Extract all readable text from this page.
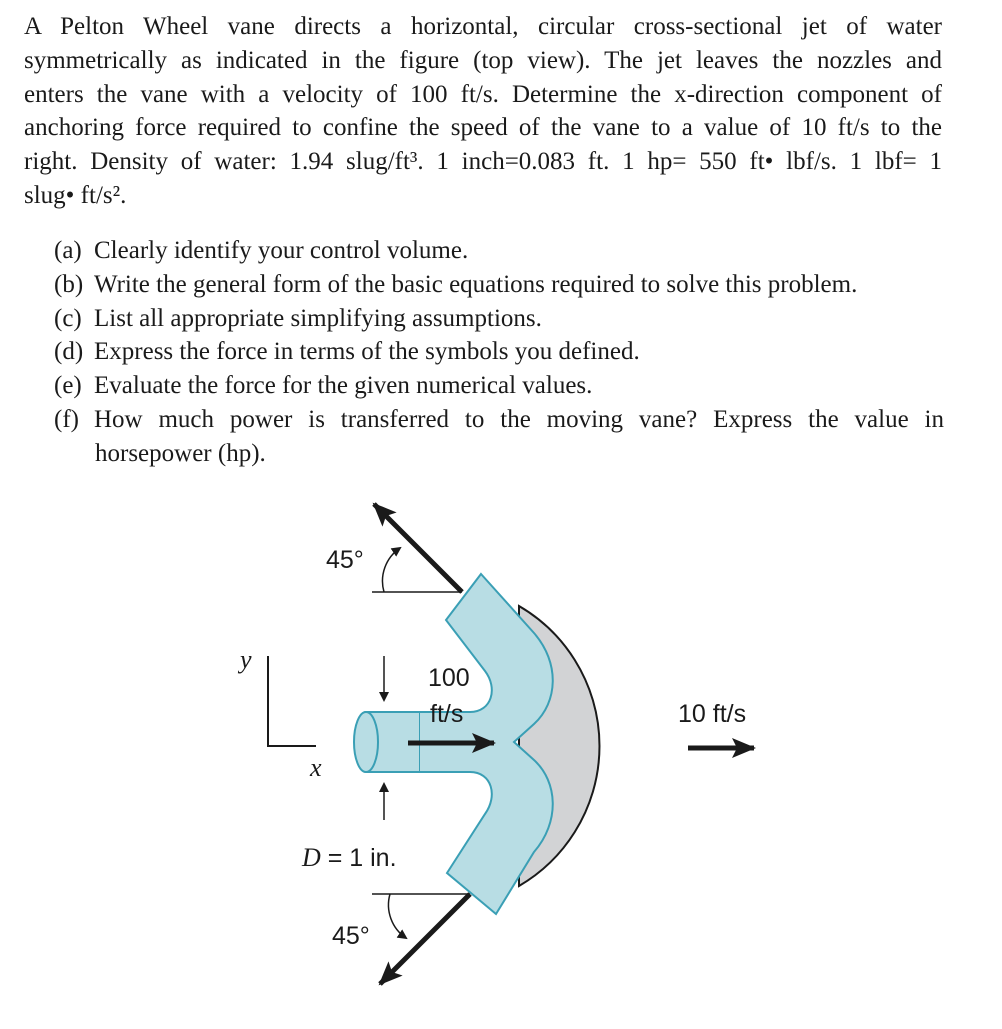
A Pelton Wheel vane directs a horizontal, circular cross-sectional jet of water
symmetrically as indicated in the figure (top view). The jet leaves the nozzles and
enters the vane with a velocity of 100 ft/s. Determine the x-direction component of
anchoring force required to confine the speed of the vane to a value of 10 ft/s to the
right. Density of water: 1.94 slug/ft³. 1 inch=0.083 ft. 1 hp= 550 ft• lbf/s. 1 lbf= 1
slug• ft/s².
(a) Clearly identify your control volume.
(b) Write the general form of the basic equations required to solve this problem.
(c) List all appropriate simplifying assumptions.
(d) Express the force in terms of the symbols you defined.
(e) Evaluate the force for the given numerical values.
(f) How much power is transferred to the moving vane? Express the value in
horsepower (hp).
45°
45°
100
ft/s
D = 1 in.
10 ft/s
y
x
